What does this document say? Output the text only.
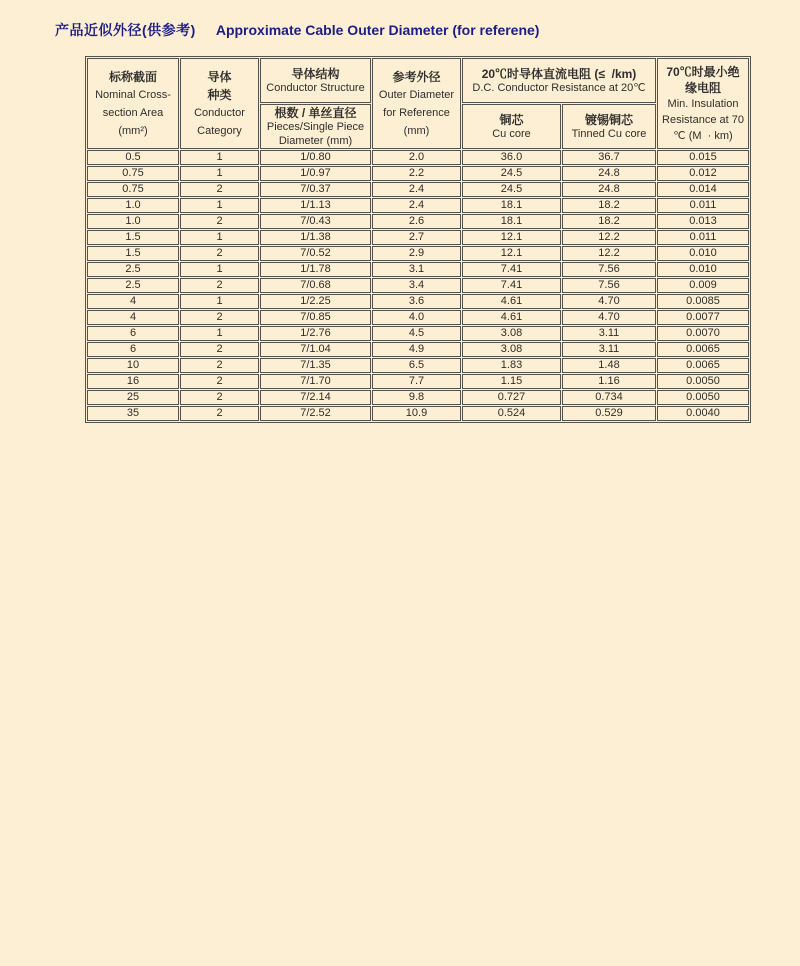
产品近似外径(供参考) Approximate Cable Outer Diameter (for referene)
标称截面
Nominal Cross-
section Area
(mm²)	导体
种类
Conductor
Category	导体结构
Conductor Structure	参考外径
Outer Diameter
for Reference
(mm)	20℃时导体直流电阻 (≤  /km)
D.C. Conductor Resistance at 20℃		70℃时最小绝
缘电阻
Min. Insulation
Resistance at 70
℃ (M  · km)

		根数 / 单丝直径
Pieces/Single Piece
Diameter (mm)		铜芯
Cu core	镀锡铜芯
Tinned Cu core	

0.5	1	1/0.80	2.0	36.0	36.7	0.015
0.75	1	1/0.97	2.2	24.5	24.8	0.012
0.75	2	7/0.37	2.4	24.5	24.8	0.014
1.0	1	1/1.13	2.4	18.1	18.2	0.011
1.0	2	7/0.43	2.6	18.1	18.2	0.013
1.5	1	1/1.38	2.7	12.1	12.2	0.011
1.5	2	7/0.52	2.9	12.1	12.2	0.010
2.5	1	1/1.78	3.1	7.41	7.56	0.010
2.5	2	7/0.68	3.4	7.41	7.56	0.009
4	1	1/2.25	3.6	4.61	4.70	0.0085
4	2	7/0.85	4.0	4.61	4.70	0.0077
6	1	1/2.76	4.5	3.08	3.11	0.0070
6	2	7/1.04	4.9	3.08	3.11	0.0065
10	2	7/1.35	6.5	1.83	1.48	0.0065
16	2	7/1.70	7.7	1.15	1.16	0.0050
25	2	7/2.14	9.8	0.727	0.734	0.0050
35	2	7/2.52	10.9	0.524	0.529	0.0040
